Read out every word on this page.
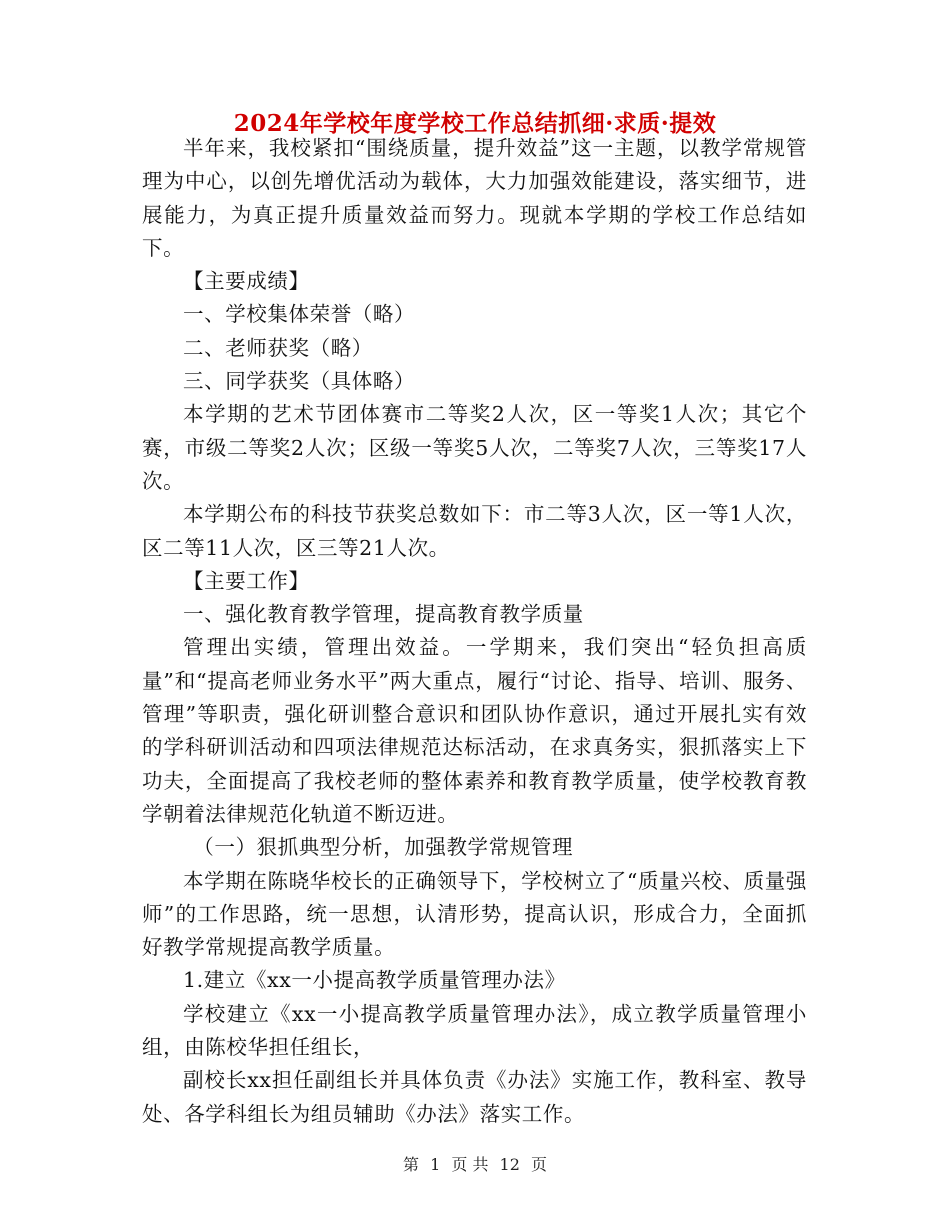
2024年学校年度学校工作总结抓细·求质·提效

半年来，我校紧扣“围绕质量，提升效益”这一主题，以教学常规管理为中心，以创先增优活动为载体，大力加强效能建设，落实细节，进展能力，为真正提升质量效益而努力。现就本学期的学校工作总结如下。

【主要成绩】

一、学校集体荣誉（略）

二、老师获奖（略）

三、同学获奖（具体略）

本学期的艺术节团体赛市二等奖2人次，区一等奖1人次；其它个赛，市级二等奖2人次；区级一等奖5人次，二等奖7人次，三等奖17人次。

本学期公布的科技节获奖总数如下：市二等3人次，区一等1人次，区二等11人次，区三等21人次。

【主要工作】

一、强化教育教学管理，提高教育教学质量

管理出实绩，管理出效益。一学期来，我们突出“轻负担高质量”和“提高老师业务水平”两大重点，履行“讨论、指导、培训、服务、管理”等职责，强化研训整合意识和团队协作意识，通过开展扎实有效的学科研训活动和四项法律规范达标活动，在求真务实，狠抓落实上下功夫，全面提高了我校老师的整体素养和教育教学质量，使学校教育教学朝着法律规范化轨道不断迈进。

（一）狠抓典型分析，加强教学常规管理

本学期在陈晓华校长的正确领导下，学校树立了“质量兴校、质量强师”的工作思路，统一思想，认清形势，提高认识，形成合力，全面抓好教学常规提高教学质量。

1.建立《xx一小提高教学质量管理办法》

学校建立《xx一小提高教学质量管理办法》，成立教学质量管理小组，由陈校华担任组长，

副校长xx担任副组长并具体负责《办法》实施工作，教科室、教导处、各学科组长为组员辅助《办法》落实工作。

第 1 页 共 12 页
